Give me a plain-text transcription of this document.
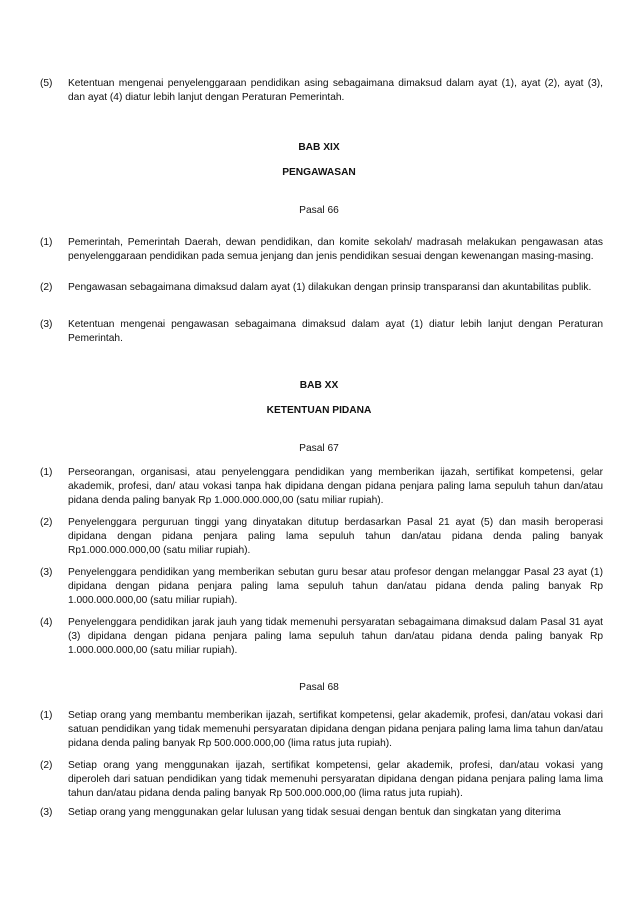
(5)	Ketentuan mengenai penyelenggaraan pendidikan asing sebagaimana dimaksud dalam ayat (1), ayat (2), ayat (3), dan ayat (4) diatur lebih lanjut dengan Peraturan Pemerintah.
BAB XIX
PENGAWASAN
Pasal 66
(1)	Pemerintah, Pemerintah Daerah, dewan pendidikan, dan komite sekolah/ madrasah melakukan pengawasan atas penyelenggaraan pendidikan pada semua jenjang dan jenis pendidikan sesuai dengan kewenangan masing-masing.
(2)	Pengawasan sebagaimana dimaksud dalam ayat (1) dilakukan dengan prinsip transparansi dan akuntabilitas publik.
(3)	Ketentuan mengenai pengawasan sebagaimana dimaksud dalam ayat (1) diatur lebih lanjut dengan Peraturan Pemerintah.
BAB XX
KETENTUAN PIDANA
Pasal 67
(1)	Perseorangan, organisasi, atau penyelenggara pendidikan yang memberikan ijazah, sertifikat kompetensi, gelar akademik, profesi, dan/ atau vokasi tanpa hak dipidana dengan pidana penjara paling lama sepuluh tahun dan/atau pidana denda paling banyak Rp 1.000.000.000,00 (satu miliar rupiah).
(2)	Penyelenggara perguruan tinggi yang dinyatakan ditutup berdasarkan Pasal 21 ayat (5) dan masih beroperasi dipidana dengan pidana penjara paling lama sepuluh tahun dan/atau pidana denda paling banyak Rp1.000.000.000,00 (satu miliar rupiah).
(3)	Penyelenggara pendidikan yang memberikan sebutan guru besar atau profesor dengan melanggar Pasal 23 ayat (1) dipidana dengan pidana penjara paling lama sepuluh tahun dan/atau pidana denda paling banyak Rp 1.000.000.000,00 (satu miliar rupiah).
(4)	Penyelenggara pendidikan jarak jauh yang tidak memenuhi persyaratan sebagaimana dimaksud dalam Pasal 31 ayat (3) dipidana dengan pidana penjara paling lama sepuluh tahun dan/atau pidana denda paling banyak Rp 1.000.000.000,00 (satu miliar rupiah).
Pasal 68
(1)	Setiap orang yang membantu memberikan ijazah, sertifikat kompetensi, gelar akademik, profesi, dan/atau vokasi dari satuan pendidikan yang tidak memenuhi persyaratan dipidana dengan pidana penjara paling lama lima tahun dan/atau pidana denda paling banyak Rp 500.000.000,00 (lima ratus juta rupiah).
(2)	Setiap orang yang menggunakan ijazah, sertifikat kompetensi, gelar akademik, profesi, dan/atau vokasi yang diperoleh dari satuan pendidikan yang tidak memenuhi persyaratan dipidana dengan pidana penjara paling lama lima tahun dan/atau pidana denda paling banyak Rp 500.000.000,00 (lima ratus juta rupiah).
(3)	Setiap orang yang menggunakan gelar lulusan yang tidak sesuai dengan bentuk dan singkatan yang diterima
